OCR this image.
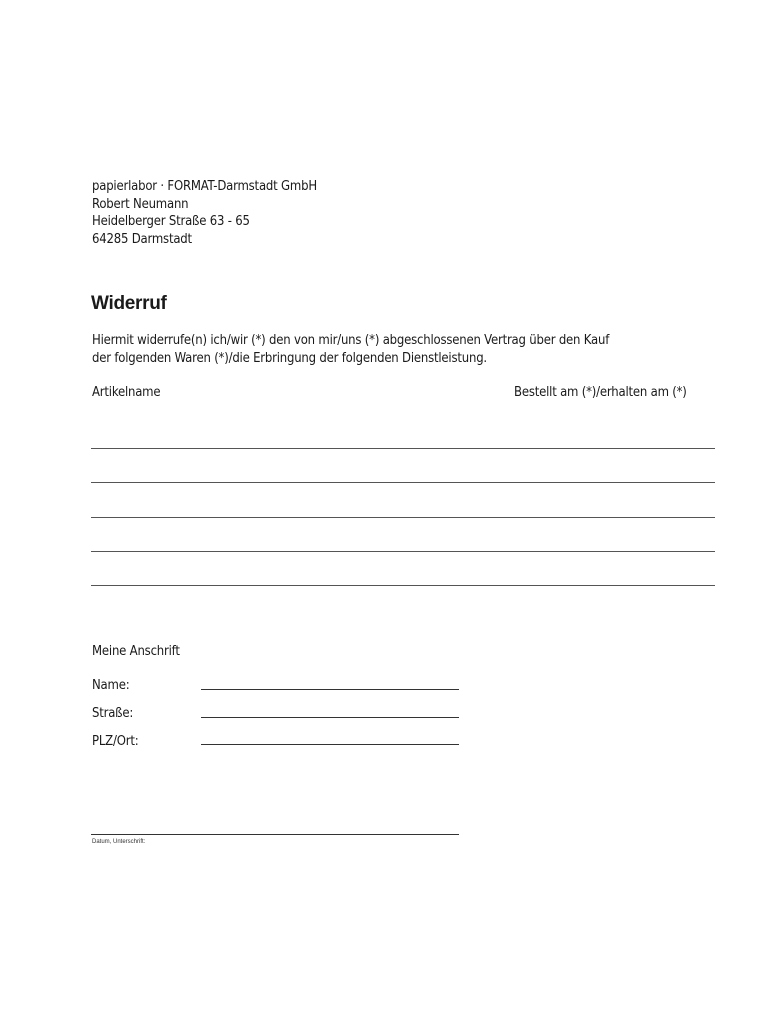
papierlabor · FORMAT-Darmstadt GmbH
Robert Neumann
Heidelberger Straße 63 - 65
64285 Darmstadt
Widerruf
Hiermit widerrufe(n) ich/wir (*) den von mir/uns (*) abgeschlossenen Vertrag über den Kauf
der folgenden Waren (*)/die Erbringung der folgenden Dienstleistung.
Artikelname	Bestellt am (*)/erhalten am (*)
Meine Anschrift
Name:
Straße:
PLZ/Ort:
Datum, Unterschrift:
